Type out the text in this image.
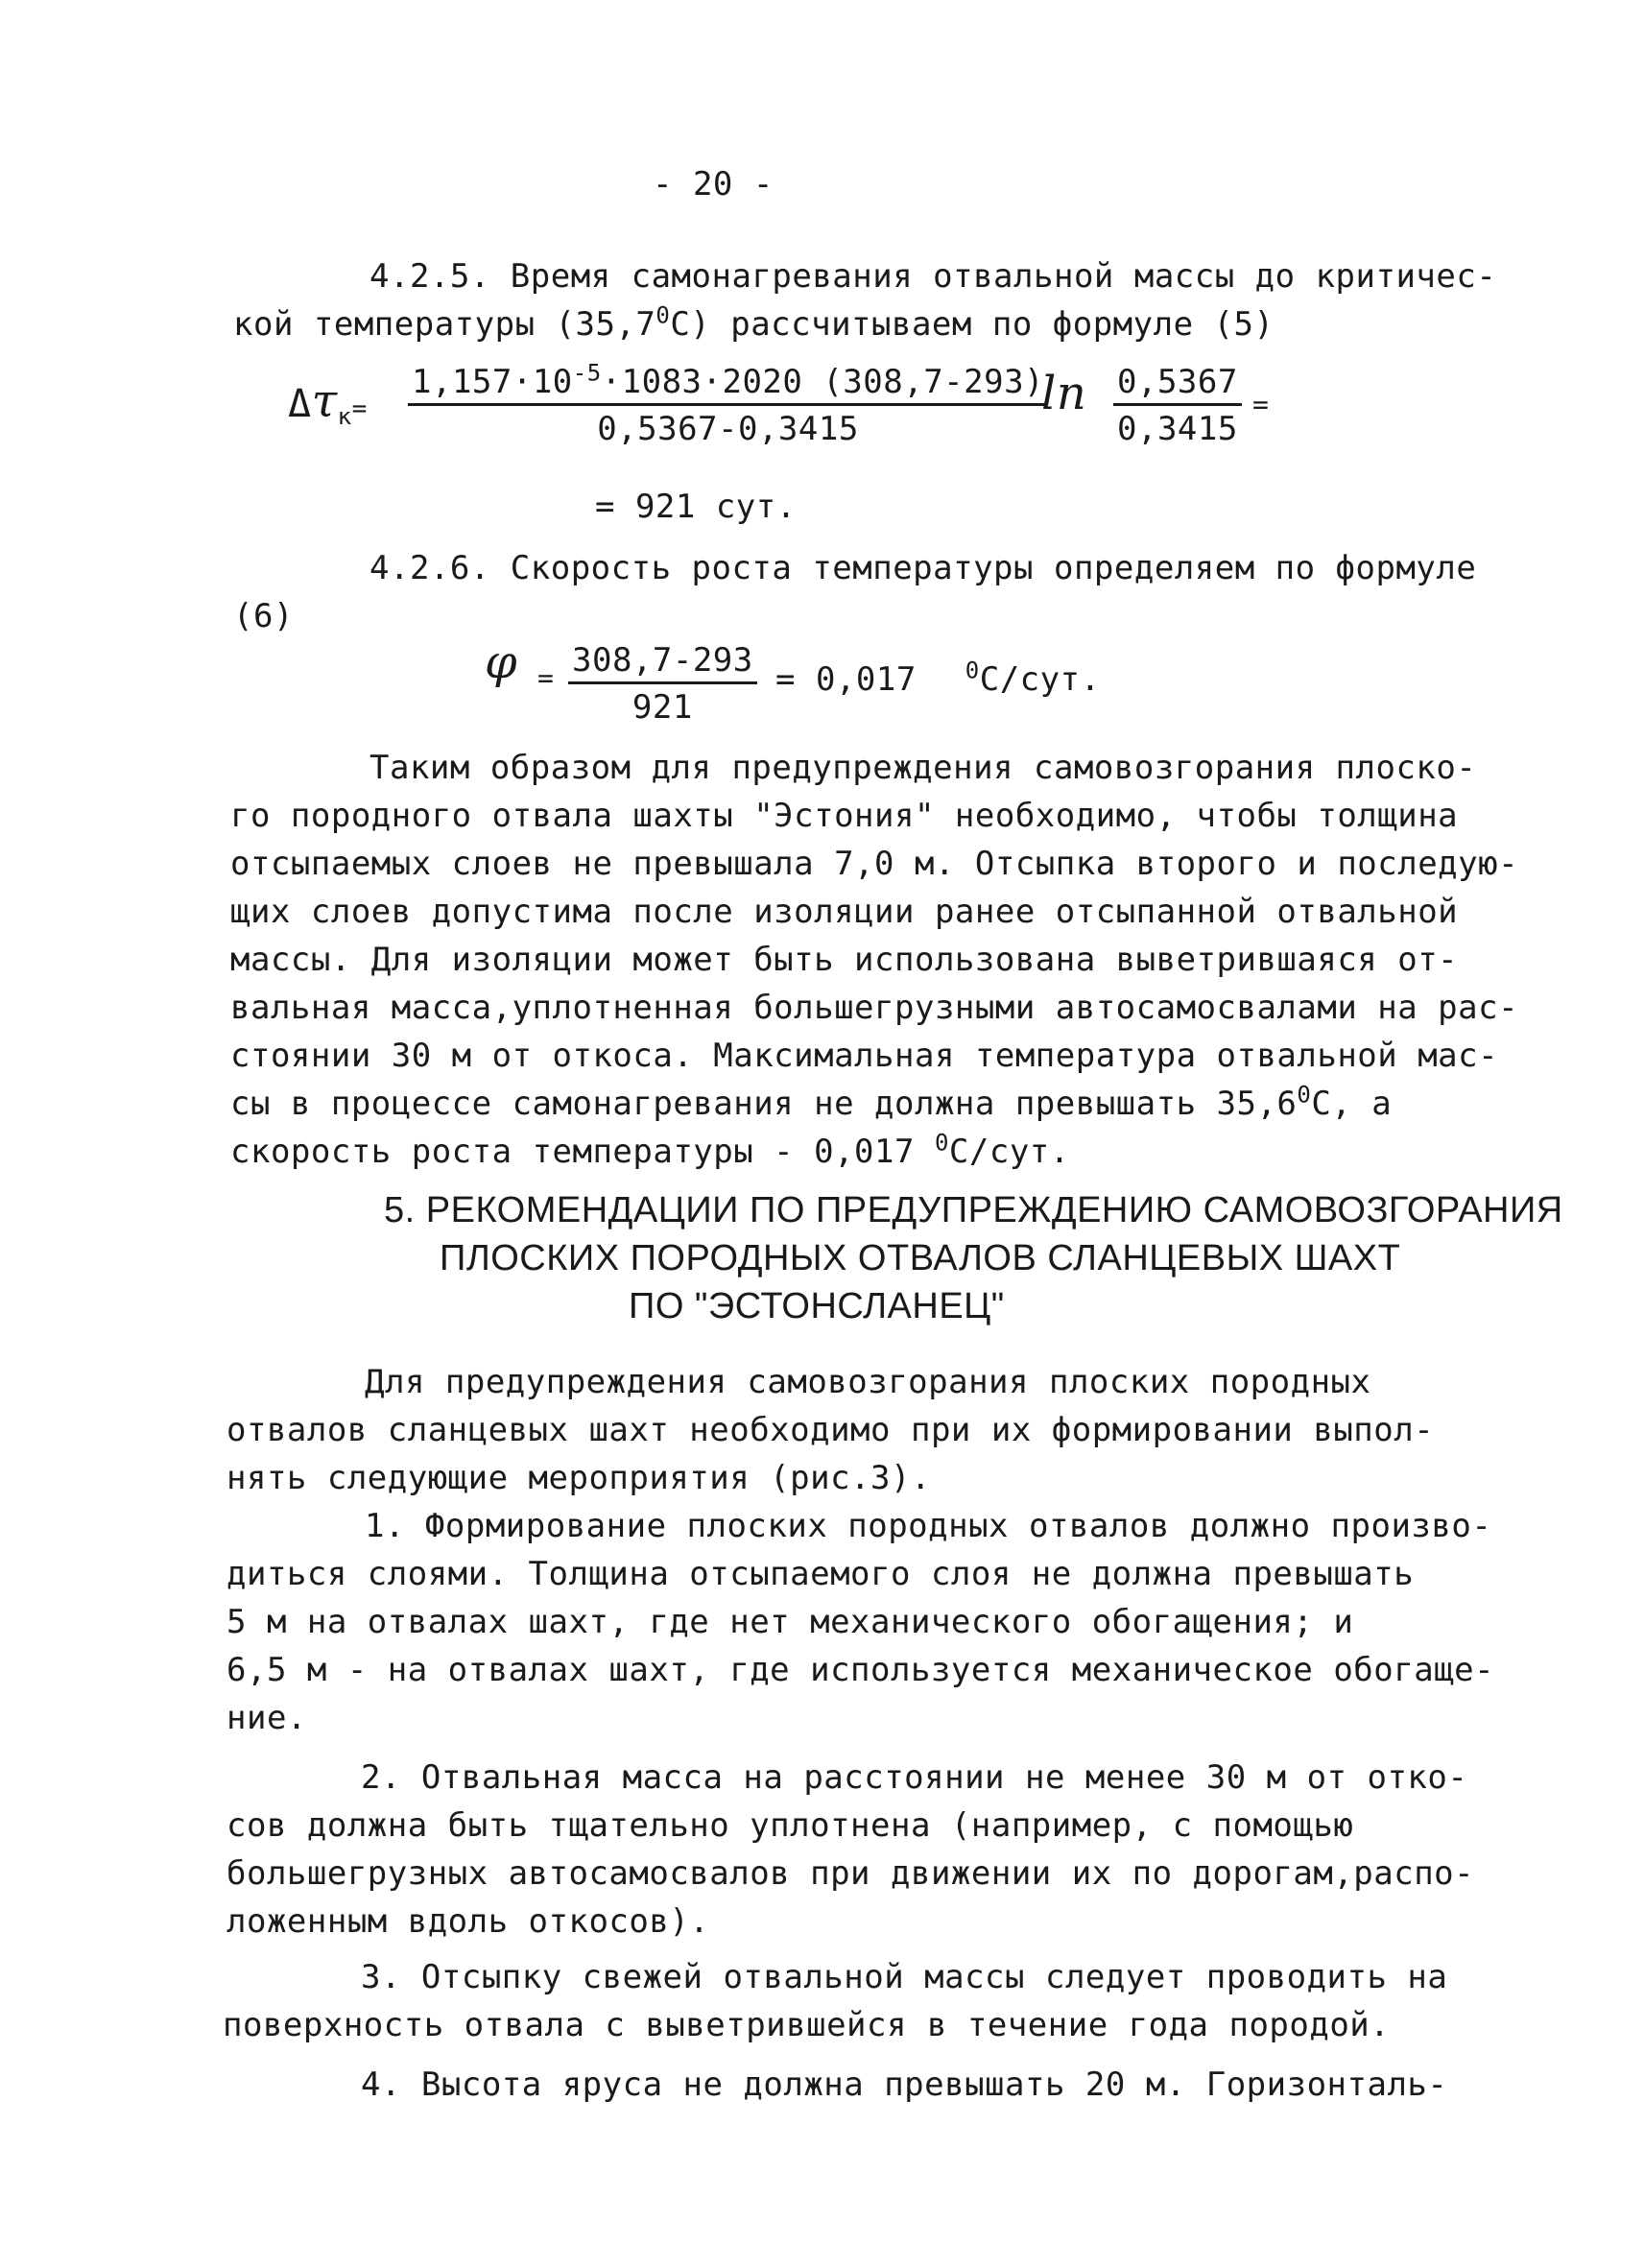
- 20 -
4.2.5. Время самонагревания отвальной массы до критичес-
кой температуры (35,7$^0$С) рассчитываем по формуле (5)
$\Delta\tau_к= \frac{1,157\cdot 10^{-5}\cdot 1083\cdot 2020 (308,7-293)}{0,5367-0,3415}$
$\ln \frac{0,5367}{0,3415}$ =
= 921 сут.
4.2.6. Скорость роста температуры определяем по формуле
(6)
$\varphi = \frac{308,7-293}{921} = 0,017$ $^0$С/сут.
Таким образом для предупреждения самовозгорания плоско-
го породного отвала шахты "Эстония" необходимо, чтобы толщина
отсыпаемых слоев не превышала 7,0 м. Отсыпка второго и последую-
щих слоев допустима после изоляции ранее отсыпанной отвальной
массы. Для изоляции может быть использована выветрившаяся от-
вальная масса,уплотненная большегрузными автосамосвалами на рас-
стоянии 30 м от откоса. Максимальная температура отвальной мас-
сы в процессе самонагревания не должна превышать 35,6$^0$С, а
скорость роста температуры - 0,017 $^0$С/сут.
5. РЕКОМЕНДАЦИИ ПО ПРЕДУПРЕЖДЕНИЮ САМОВОЗГОРАНИЯ
ПЛОСКИХ ПОРОДНЫХ ОТВАЛОВ СЛАНЦЕВЫХ ШАХТ
ПО "ЭСТОНСЛАНЕЦ"
Для предупреждения самовозгорания плоских породных
отвалов сланцевых шахт необходимо при их формировании выпол-
нять следующие мероприятия (рис.3).
1. Формирование плоских породных отвалов должно произво-
диться слоями. Толщина отсыпаемого слоя не должна превышать
5 м на отвалах шахт, где нет механического обогащения; и
6,5 м - на отвалах шахт, где используется механическое обогаще-
ние.
2. Отвальная масса на расстоянии не менее 30 м от отко-
сов должна быть тщательно уплотнена (например, с помощью
большегрузных автосамосвалов при движении их по дорогам,распо-
ложенным вдоль откосов).
3. Отсыпку свежей отвальной массы следует проводить на
поверхность отвала с выветрившейся в течение года породой.
4. Высота яруса не должна превышать 20 м. Горизонталь-
